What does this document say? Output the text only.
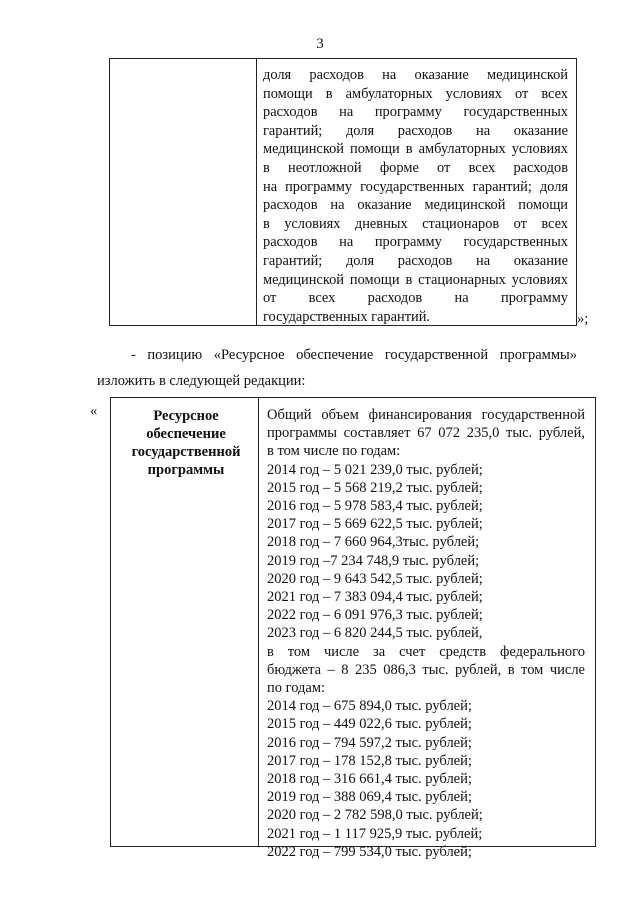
3
доля расходов на оказание медицинской
помощи в амбулаторных условиях от всех
расходов на программу государственных
гарантий; доля расходов на оказание
медицинской помощи в амбулаторных условиях
в неотложной форме от всех расходов
на программу государственных гарантий; доля
расходов на оказание медицинской помощи
в условиях дневных стационаров от всех
расходов на программу государственных
гарантий; доля расходов на оказание
медицинской помощи в стационарных условиях
от всех расходов на программу
государственных гарантий.	»;
- позицию «Ресурсное обеспечение государственной программы»
изложить в следующей редакции:
«	Ресурсное
обеспечение
государственной
программы
Общий объем финансирования государственной
программы составляет 67 072 235,0 тыс. рублей,
в том числе по годам:
2014 год – 5 021 239,0 тыс. рублей;
2015 год – 5 568 219,2 тыс. рублей;
2016 год – 5 978 583,4 тыс. рублей;
2017 год – 5 669 622,5 тыс. рублей;
2018 год – 7 660 964,3тыс. рублей;
2019 год –7 234 748,9 тыс. рублей;
2020 год – 9 643 542,5 тыс. рублей;
2021 год – 7 383 094,4 тыс. рублей;
2022 год – 6 091 976,3 тыс. рублей;
2023 год – 6 820 244,5 тыс. рублей,
в том числе за счет средств федерального
бюджета – 8 235 086,3 тыс. рублей, в том числе
по годам:
2014 год – 675 894,0 тыс. рублей;
2015 год – 449 022,6 тыс. рублей;
2016 год – 794 597,2 тыс. рублей;
2017 год – 178 152,8 тыс. рублей;
2018 год – 316 661,4 тыс. рублей;
2019 год – 388 069,4 тыс. рублей;
2020 год – 2 782 598,0 тыс. рублей;
2021 год – 1 117 925,9 тыс. рублей;
2022 год – 799 534,0 тыс. рублей;
